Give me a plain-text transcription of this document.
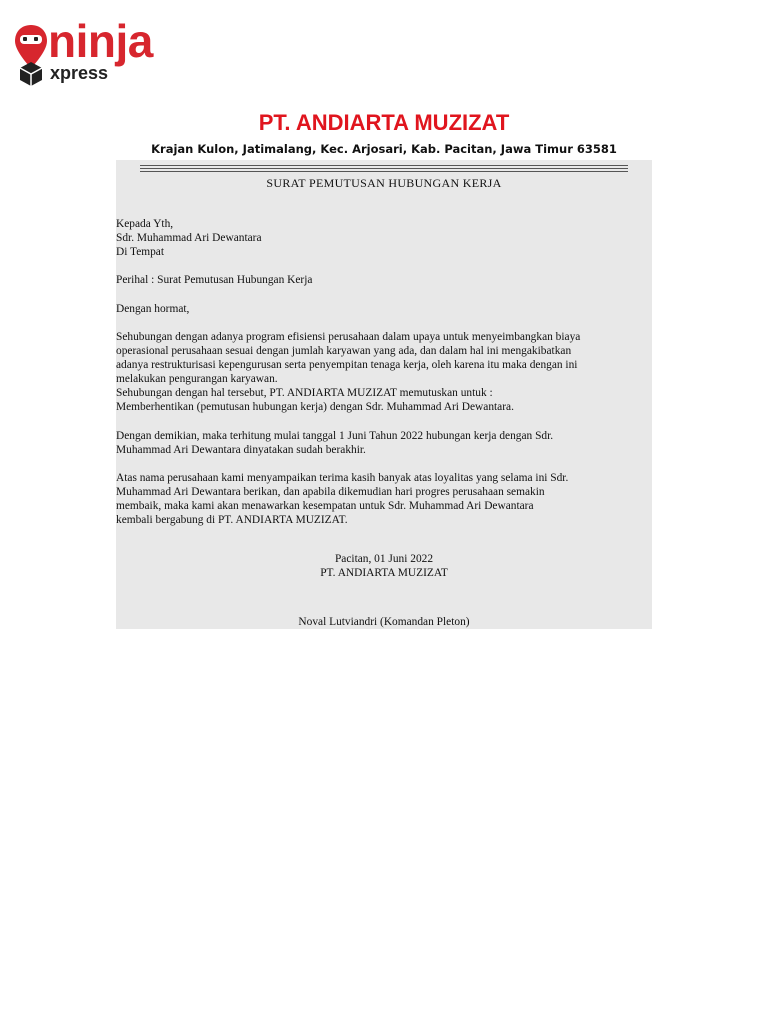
ninja
xpress
PT. ANDIARTA MUZIZAT

Krajan Kulon, Jatimalang, Kec. Arjosari, Kab. Pacitan, Jawa Timur 63581

SURAT PEMUTUSAN HUBUNGAN KERJA

Kepada Yth,

Sdr. Muhammad Ari Dewantara

Di Tempat

Perihal : Surat Pemutusan Hubungan Kerja
Dengan hormat,

Sehubungan dengan adanya program efisiensi perusahaan dalam upaya untuk menyeimbangkan biaya

operasional perusahaan sesuai dengan jumlah karyawan yang ada, dan dalam hal ini mengakibatkan

adanya restrukturisasi kepengurusan serta penyempitan tenaga kerja, oleh karena itu maka dengan ini

melakukan pengurangan karyawan.

Sehubungan dengan hal tersebut, PT. ANDIARTA MUZIZAT memutuskan untuk :

Memberhentikan (pemutusan hubungan kerja) dengan Sdr. Muhammad Ari Dewantara.

Dengan demikian, maka terhitung mulai tanggal 1 Juni Tahun 2022 hubungan kerja dengan Sdr.

Muhammad Ari Dewantara dinyatakan sudah berakhir.

Atas nama perusahaan kami menyampaikan terima kasih banyak atas loyalitas yang selama ini Sdr.

Muhammad Ari Dewantara berikan, dan apabila dikemudian hari progres perusahaan semakin

membaik, maka kami akan menawarkan kesempatan untuk Sdr. Muhammad Ari Dewantara

kembali bergabung di PT. ANDIARTA MUZIZAT.

Pacitan, 01 Juni 2022

PT. ANDIARTA MUZIZAT

Noval Lutviandri (Komandan Pleton)
